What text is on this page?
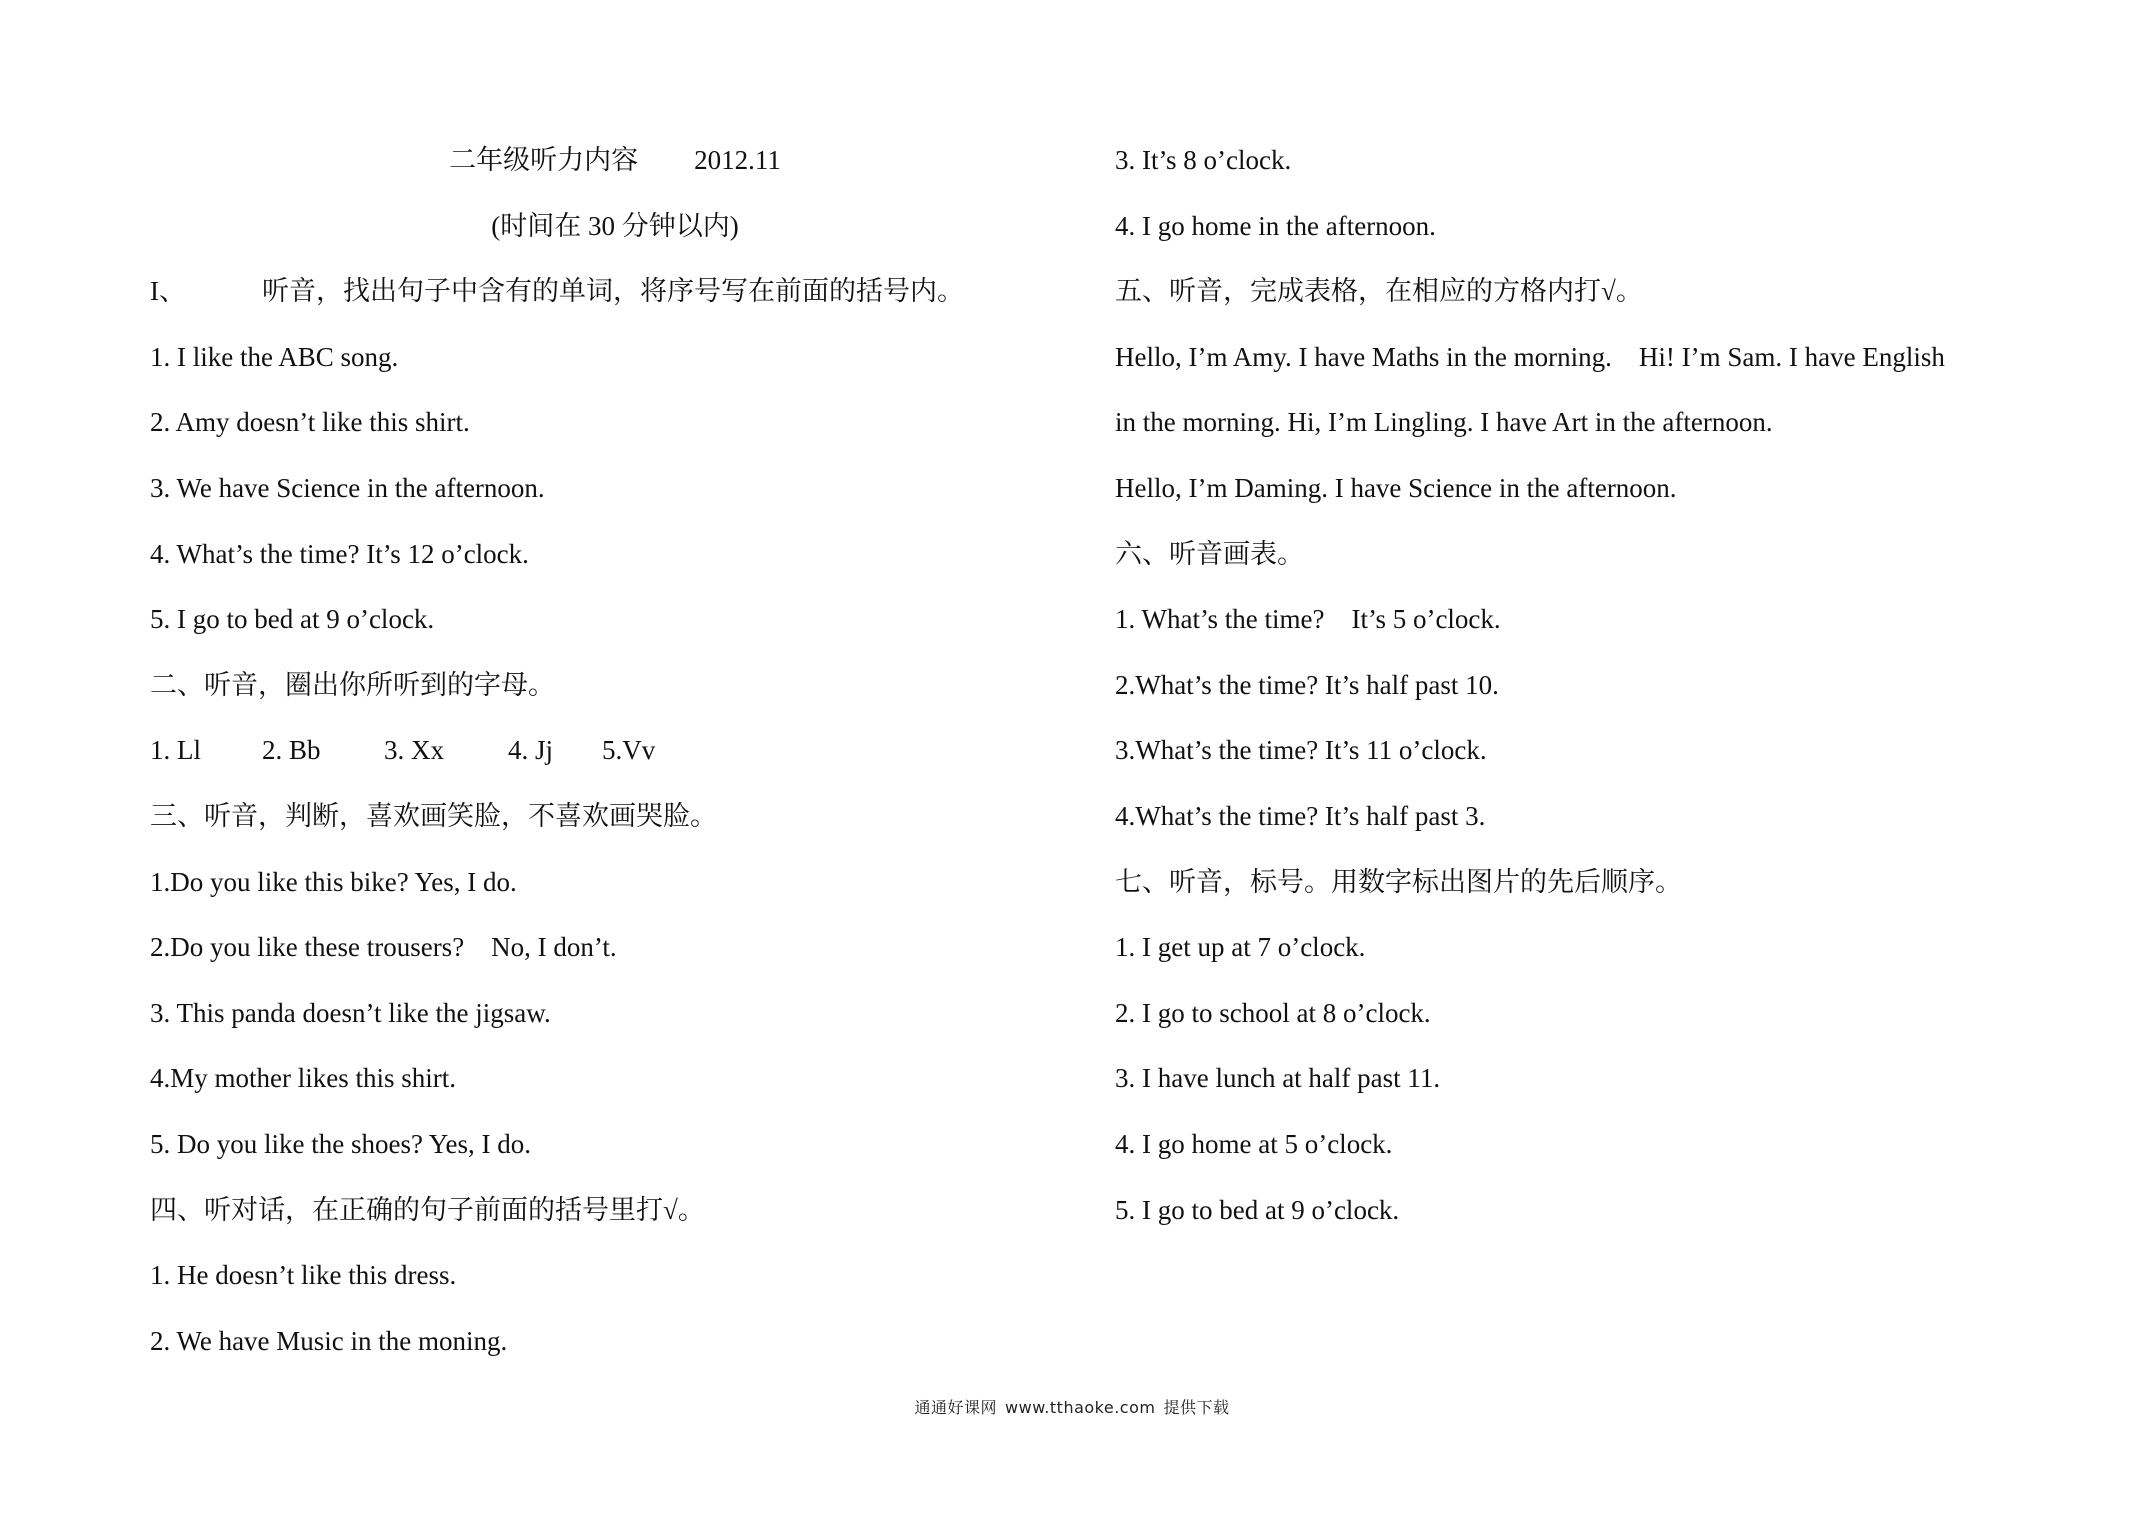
二年级听力内容 2012.11
(时间在 30 分钟以内)
I、	听音，找出句子中含有的单词，将序号写在前面的括号内。
1. I like the ABC song.
2. Amy doesn’t like this shirt.
3. We have Science in the afternoon.
4. What’s the time? It’s 12 o’clock.
5. I go to bed at 9 o’clock.
二、听音，圈出你所听到的字母。
1. Ll 2. Bb 3. Xx 4. Jj 5.Vv
三、听音，判断，喜欢画笑脸，不喜欢画哭脸。
1.Do you like this bike? Yes, I do.
2.Do you like these trousers?    No, I don’t.
3. This panda doesn’t like the jigsaw.
4.My mother likes this shirt.
5. Do you like the shoes? Yes, I do.
四、听对话，在正确的句子前面的括号里打√。
1. He doesn’t like this dress.
2. We have Music in the moning.
3. It’s 8 o’clock.
4. I go home in the afternoon.
五、听音，完成表格，在相应的方格内打√。
Hello, I’m Amy. I have Maths in the morning.    Hi! I’m Sam. I have English
in the morning. Hi, I’m Lingling. I have Art in the afternoon.
Hello, I’m Daming. I have Science in the afternoon.
六、听音画表。
1. What’s the time?    It’s 5 o’clock.
2.What’s the time? It’s half past 10.
3.What’s the time? It’s 11 o’clock.
4.What’s the time? It’s half past 3.
七、听音，标号。用数字标出图片的先后顺序。
1. I get up at 7 o’clock.
2. I go to school at 8 o’clock.
3. I have lunch at half past 11.
4. I go home at 5 o’clock.
5. I go to bed at 9 o’clock.
通通好课网 www.tthaoke.com 提供下载
